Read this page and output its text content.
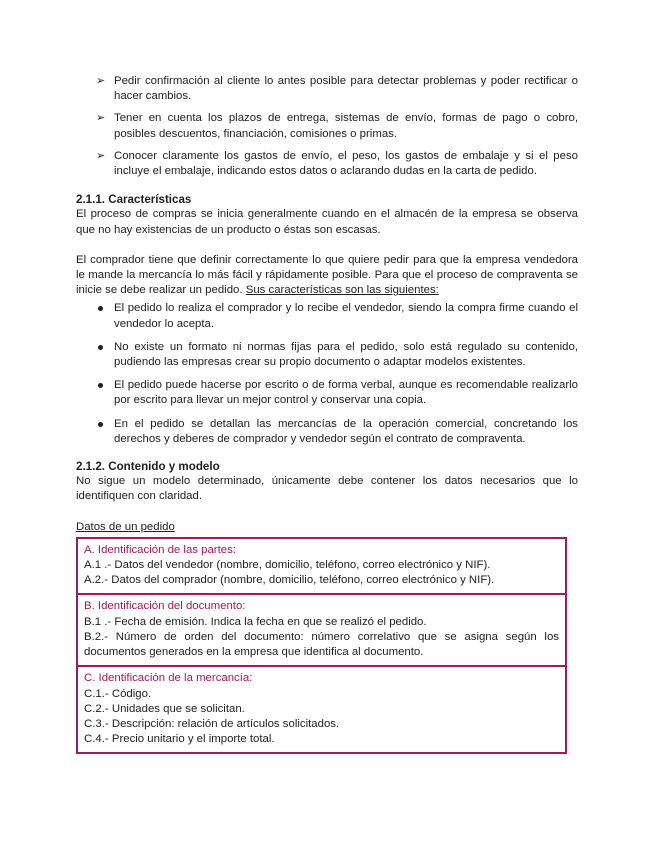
➢ Pedir confirmación al cliente lo antes posible para detectar problemas y poder rectificar o hacer cambios.
➢ Tener en cuenta los plazos de entrega, sistemas de envío, formas de pago o cobro, posibles descuentos, financiación, comisiones o primas.
➢ Conocer claramente los gastos de envío, el peso, los gastos de embalaje y si el peso incluye el embalaje, indicando estos datos o aclarando dudas en la carta de pedido.
2.1.1. Características

El proceso de compras se inicia generalmente cuando en el almacén de la empresa se observa que no hay existencias de un producto o éstas son escasas.

El comprador tiene que definir correctamente lo que quiere pedir para que la empresa vendedora le mande la mercancía lo más fácil y rápidamente posible. Para que el proceso de compraventa se inicie se debe realizar un pedido. Sus características son las siguientes:

El pedido lo realiza el comprador y lo recibe el vendedor, siendo la compra firme cuando el vendedor lo acepta.
No existe un formato ni normas fijas para el pedido, solo está regulado su contenido, pudiendo las empresas crear su propio documento o adaptar modelos existentes.
El pedido puede hacerse por escrito o de forma verbal, aunque es recomendable realizarlo por escrito para llevar un mejor control y conservar una copia.
En el pedido se detallan las mercancías de la operación comercial, concretando los derechos y deberes de comprador y vendedor según el contrato de compraventa.
2.1.2. Contenido y modelo

No sigue un modelo determinado, únicamente debe contener los datos necesarios que lo identifiquen con claridad.

Datos de un pedido

A. Identificación de las partes:
A.1 .- Datos del vendedor (nombre, domicilio, teléfono, correo electrónico y NIF).
A.2.- Datos del comprador (nombre, domicilio, teléfono, correo electrónico y NIF).
B. Identificación del documento:
B.1 .- Fecha de emisión. Indica la fecha en que se realizó el pedido.
B.2.- Número de orden del documento: número correlativo que se asigna según los documentos generados en la empresa que identifica al documento.
C. Identificación de la mercancía:
C.1.- Código.
C.2.- Unidades que se solicitan.
C.3.- Descripción: relación de artículos solicitados.
C.4.- Precio unitario y el importe total.
